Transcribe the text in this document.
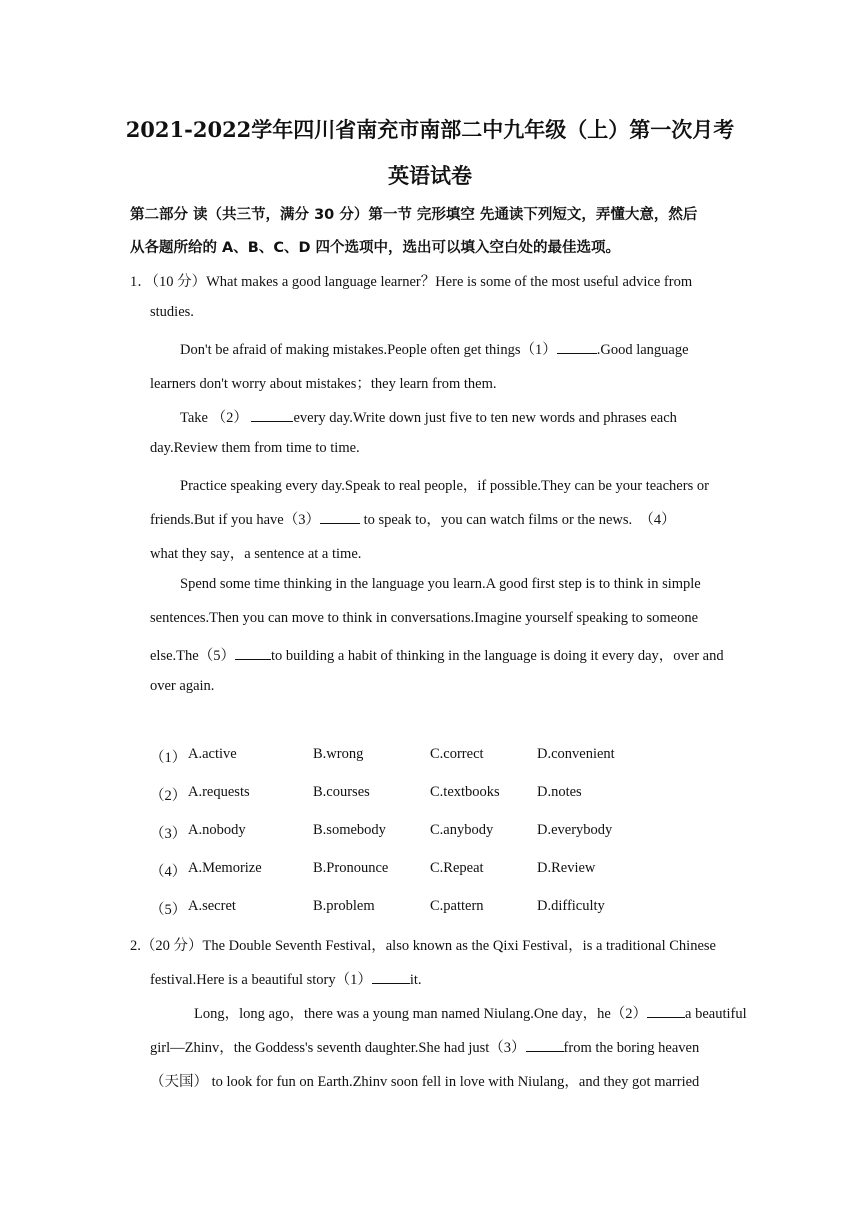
2021-2022学年四川省南充市南部二中九年级（上）第一次月考
英语试卷
第二部分 读（共三节，满分 30 分）第一节 完形填空 先通读下列短文，弄懂大意，然后
从各题所给的 A、B、C、D 四个选项中，选出可以填入空白处的最佳选项。
1．（10 分）What makes a good language learner？Here is some of the most useful advice from
studies.
Don't be afraid of making mistakes.People often get things（1）	.Good language
learners don't worry about mistakes；they learn from them.
Take （2）	every day.Write down just five to ten new words and phrases each
day.Review them from time to time.
Practice speaking every day.Speak to real people，if possible.They can be your teachers or
friends.But if you have（3）	to speak to，you can watch films or the news.　（4）
what they say，a sentence at a time.
Spend some time thinking in the language you learn.A good first step is to think in simple
sentences.Then you can move to think in conversations.Imagine yourself speaking to someone
else.The（5） to building a habit of thinking in the language is doing it every day，over and
over again.
（1） A.active	B.wrong	C.correct	D.convenient
（2） A.requests	B.courses	C.textbooks	D.notes
（3） A.nobody	B.somebody	C.anybody	D.everybody
（4） A.Memorize	B.Pronounce	C.Repeat	D.Review
（5） A.secret	B.problem	C.pattern	D.difficulty
2.（20 分）The Double Seventh Festival，also known as the Qixi Festival，is a traditional Chinese
festival.Here is a beautiful story（1）	it.
Long，long ago，there was a young man named Niulang.One day，he（2）	a beautiful
girl—Zhinv，the Goddess's seventh daughter.She had just（3）	from the boring heaven
（天国） to look for fun on Earth.Zhinv soon fell in love with Niulang，and they got married
